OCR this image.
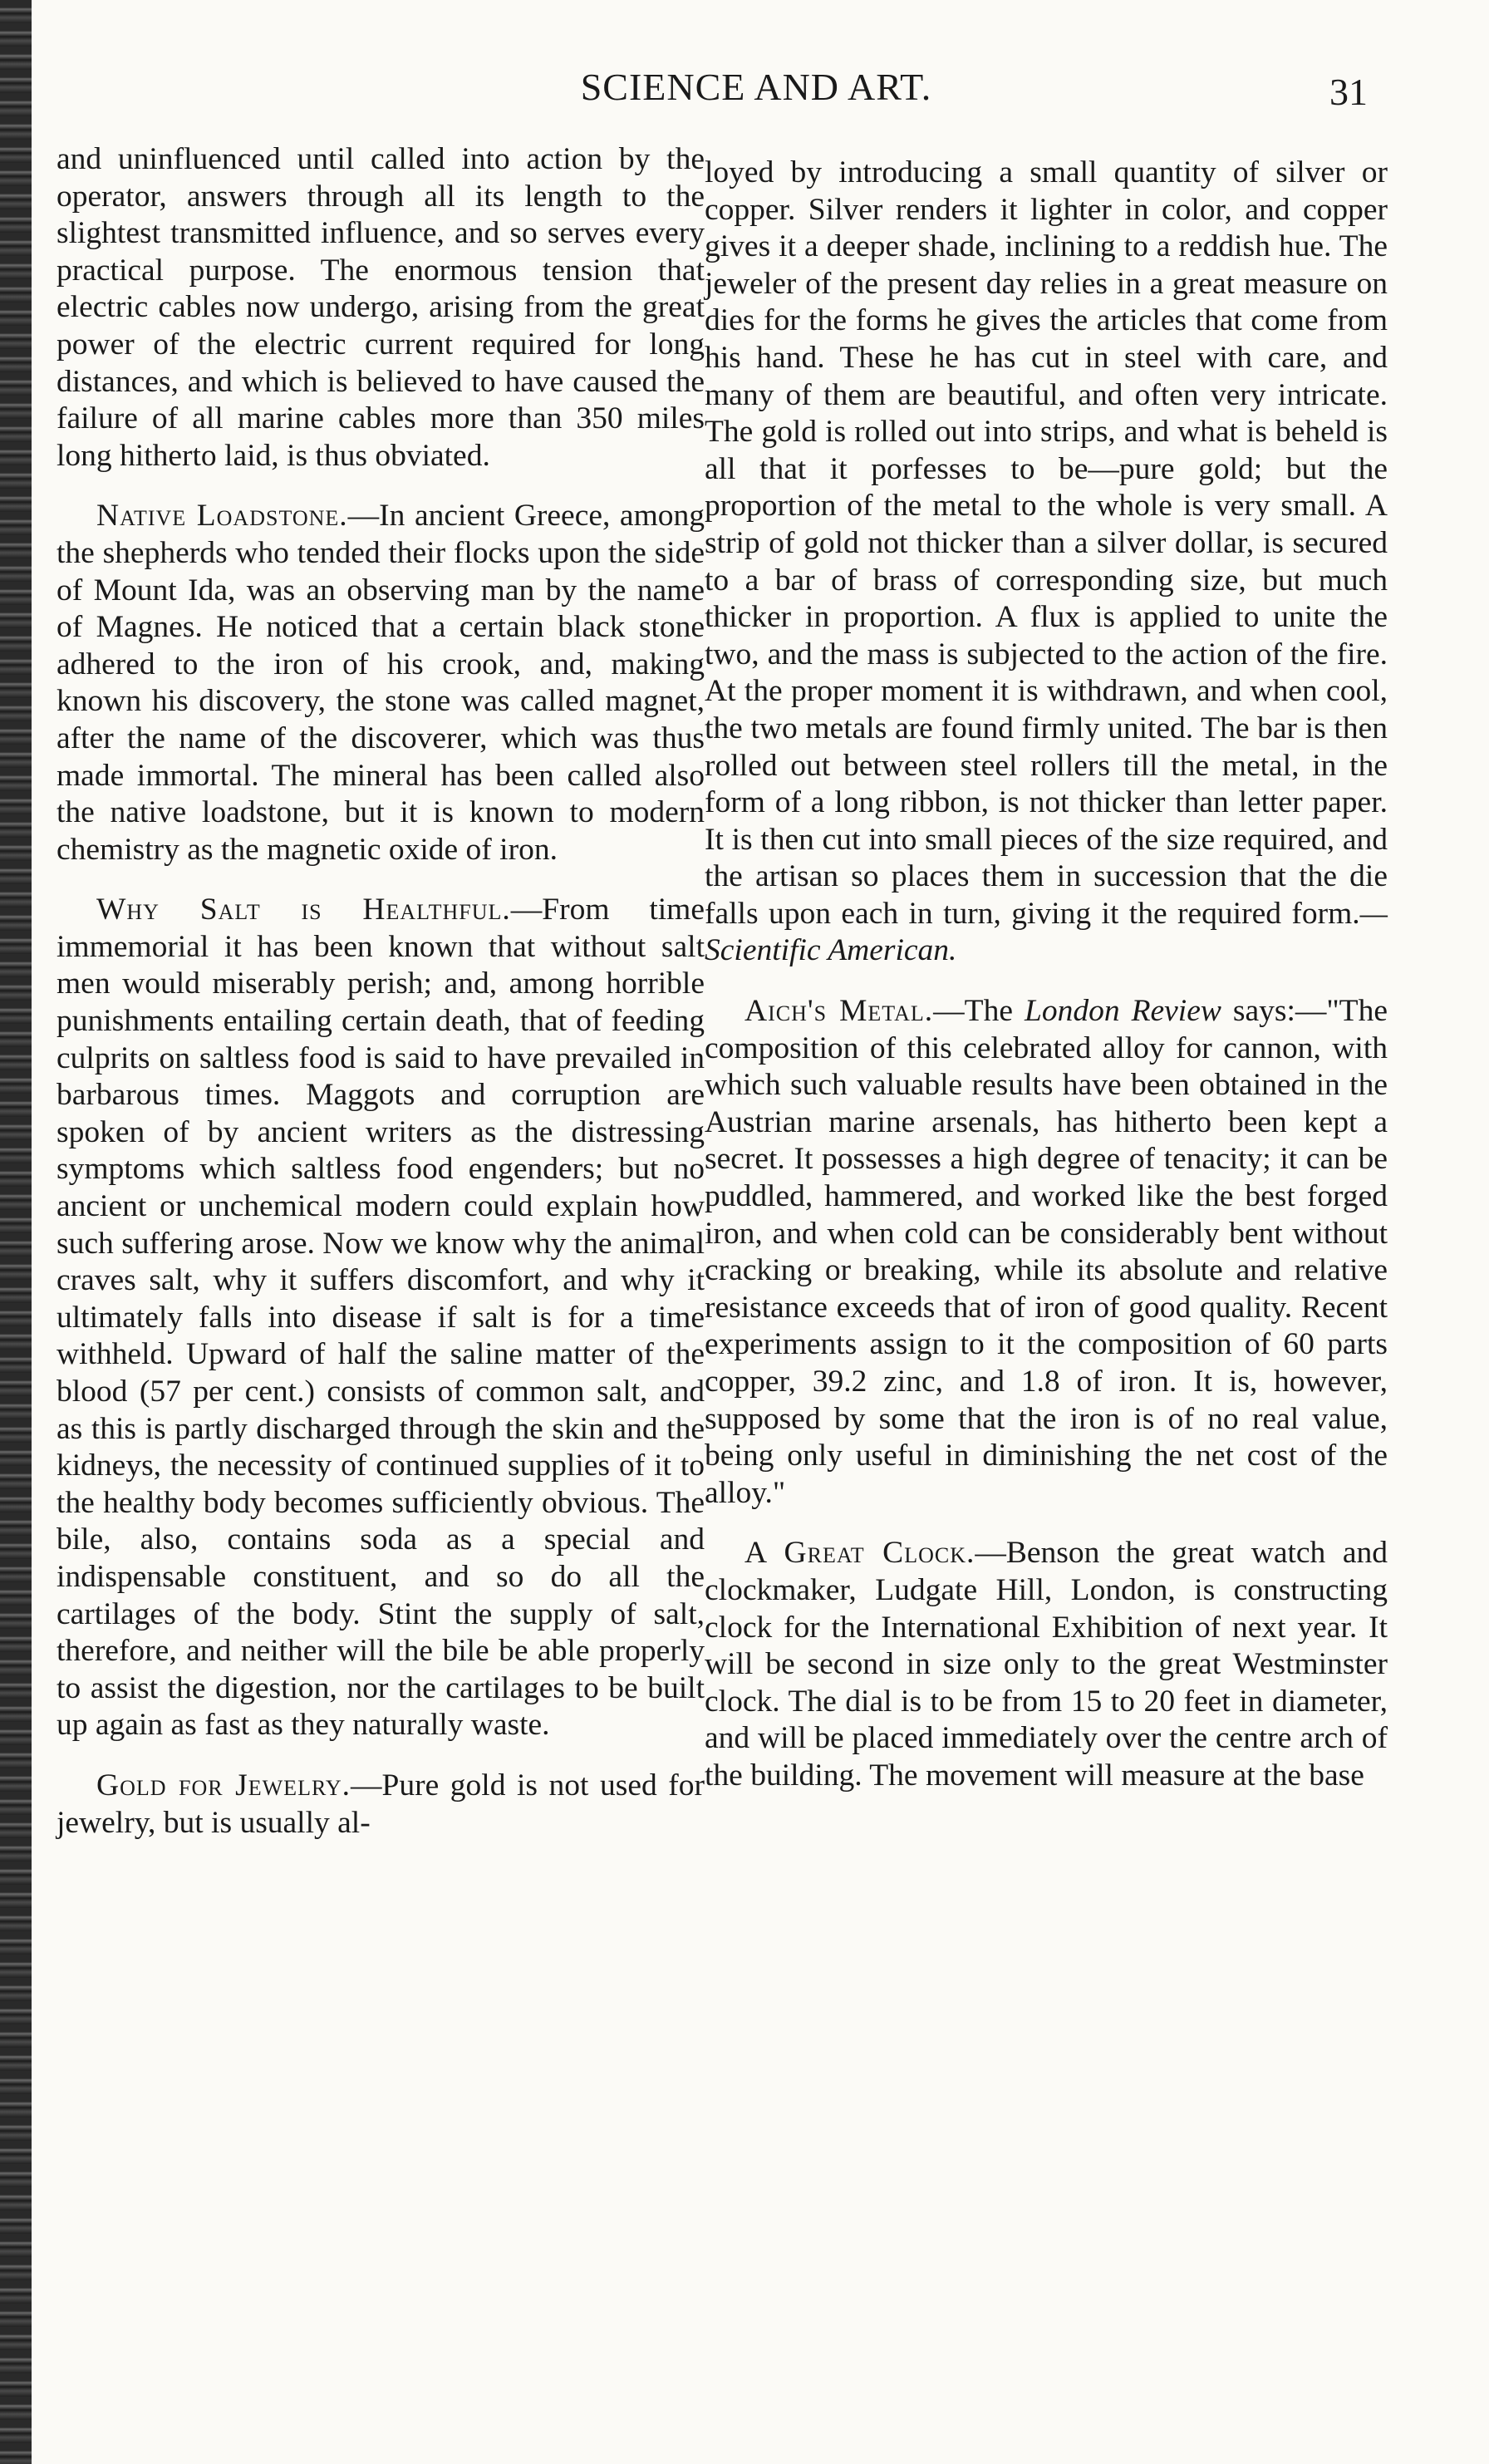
SCIENCE AND ART.	31

and uninfluenced until called into action by the operator, answers through all its length to the slightest transmitted influence, and so serves every practical purpose. The enormous tension that electric cables now undergo, arising from the great power of the electric current required for long distances, and which is believed to have caused the failure of all marine cables more than 350 miles long hitherto laid, is thus obviated.

Native Loadstone.—In ancient Greece, among the shepherds who tended their flocks upon the side of Mount Ida, was an observing man by the name of Magnes. He noticed that a certain black stone adhered to the iron of his crook, and, making known his discovery, the stone was called magnet, after the name of the discoverer, which was thus made immortal. The mineral has been called also the native loadstone, but it is known to modern chemistry as the magnetic oxide of iron.

Why Salt is Healthful.—From time immemorial it has been known that without salt men would miserably perish; and, among horrible punishments entailing certain death, that of feeding culprits on saltless food is said to have prevailed in barbarous times. Maggots and corruption are spoken of by ancient writers as the distressing symptoms which saltless food engenders; but no ancient or unchemical modern could explain how such suffering arose. Now we know why the animal craves salt, why it suffers discomfort, and why it ultimately falls into disease if salt is for a time withheld. Upward of half the saline matter of the blood (57 per cent.) consists of common salt, and as this is partly discharged through the skin and the kidneys, the necessity of continued supplies of it to the healthy body becomes sufficiently obvious. The bile, also, contains soda as a special and indispensable constituent, and so do all the cartilages of the body. Stint the supply of salt, therefore, and neither will the bile be able properly to assist the digestion, nor the cartilages to be built up again as fast as they naturally waste.

Gold for Jewelry.—Pure gold is not used for jewelry, but is usually al-

loyed by introducing a small quantity of silver or copper. Silver renders it lighter in color, and copper gives it a deeper shade, inclining to a reddish hue. The jeweler of the present day relies in a great measure on dies for the forms he gives the articles that come from his hand. These he has cut in steel with care, and many of them are beautiful, and often very intricate. The gold is rolled out into strips, and what is beheld is all that it porfesses to be—pure gold; but the proportion of the metal to the whole is very small. A strip of gold not thicker than a silver dollar, is secured to a bar of brass of corresponding size, but much thicker in proportion. A flux is applied to unite the two, and the mass is subjected to the action of the fire. At the proper moment it is withdrawn, and when cool, the two metals are found firmly united. The bar is then rolled out between steel rollers till the metal, in the form of a long ribbon, is not thicker than letter paper. It is then cut into small pieces of the size required, and the artisan so places them in succession that the die falls upon each in turn, giving it the required form.—Scientific American.

Aich's Metal.—The London Review says:—"The composition of this celebrated alloy for cannon, with which such valuable results have been obtained in the Austrian marine arsenals, has hitherto been kept a secret. It possesses a high degree of tenacity; it can be puddled, hammered, and worked like the best forged iron, and when cold can be considerably bent without cracking or breaking, while its absolute and relative resistance exceeds that of iron of good quality. Recent experiments assign to it the composition of 60 parts copper, 39.2 zinc, and 1.8 of iron. It is, however, supposed by some that the iron is of no real value, being only useful in diminishing the net cost of the alloy."

A Great Clock.—Benson the great watch and clockmaker, Ludgate Hill, London, is constructing clock for the International Exhibition of next year. It will be second in size only to the great Westminster clock. The dial is to be from 15 to 20 feet in diameter, and will be placed immediately over the centre arch of the building. The movement will measure at the base
